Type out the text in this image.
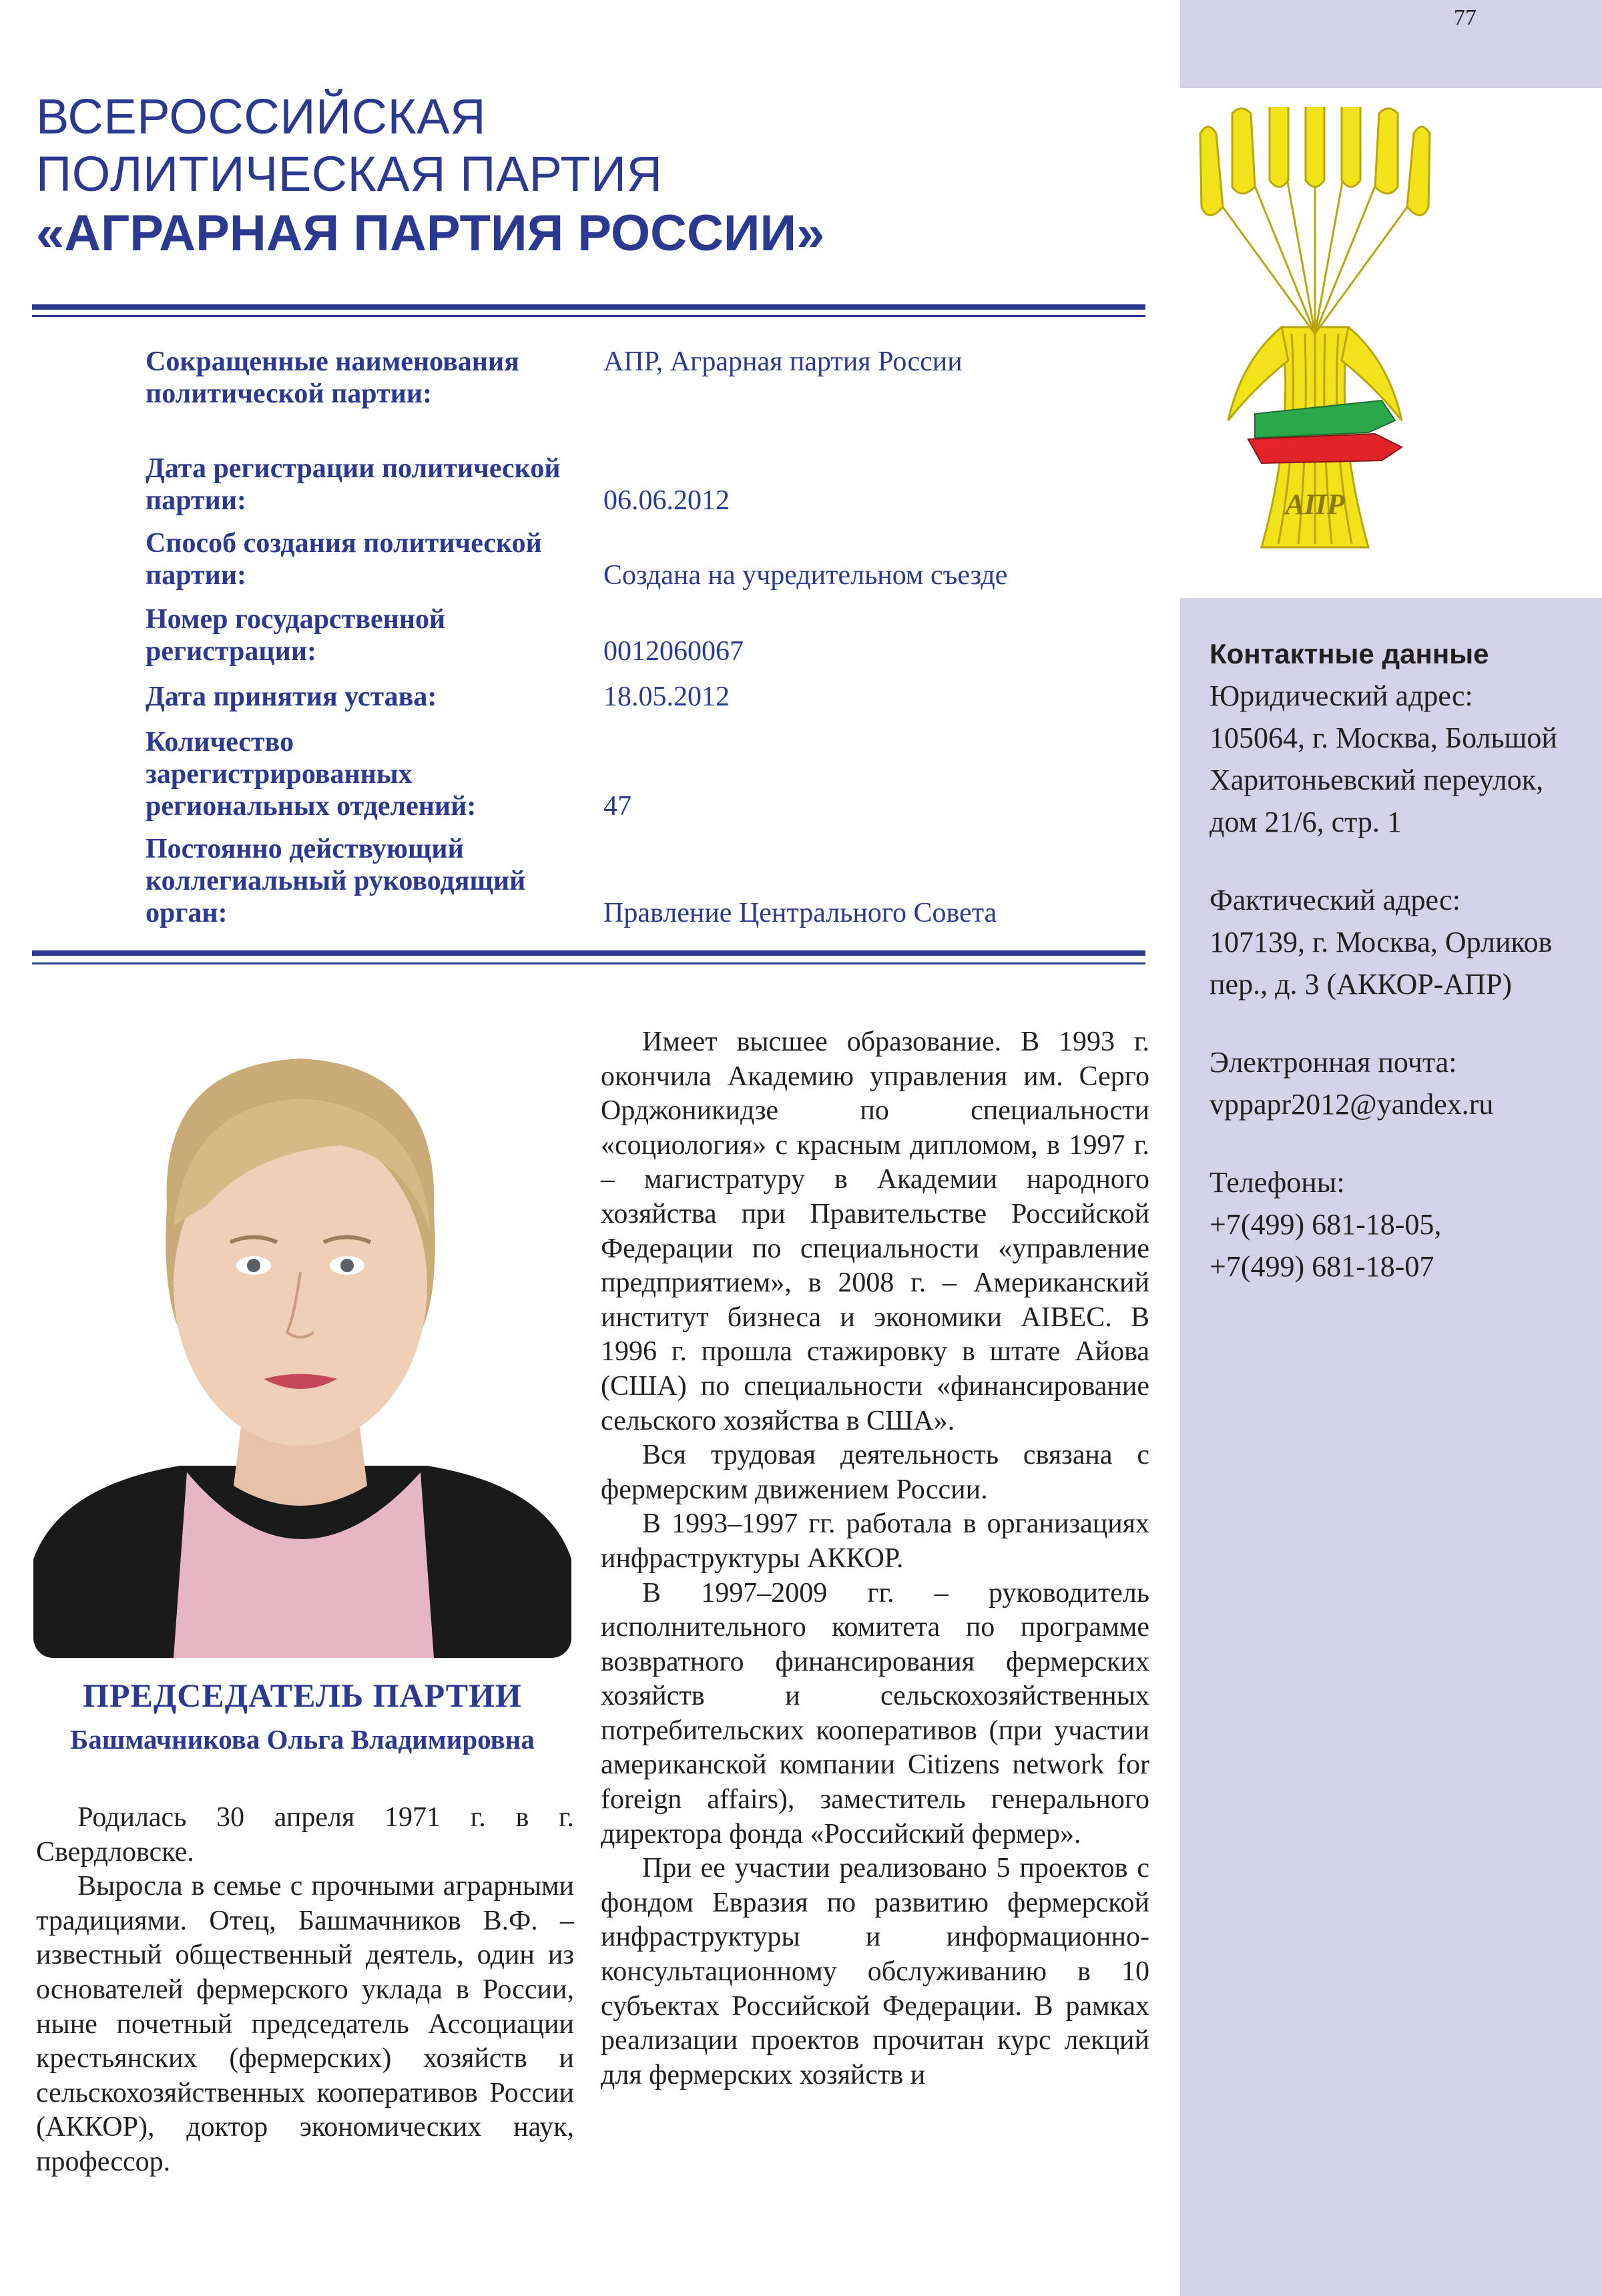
77
АПР
ВСЕРОССИЙСКАЯ
ПОЛИТИЧЕСКАЯ ПАРТИЯ
«АГРАРНАЯ ПАРТИЯ РОССИИ»
Сокращенные наименования политической партии:
АПР, Аграрная партия России
Дата регистрации политической партии:	06.06.2012
Способ создания политической партии:	Создана на учредительном съезде
Номер государственной регистрации:	0012060067
Дата принятия устава:	18.05.2012
Количество зарегистрированных региональных отделений:	47
Постоянно действующий коллегиальный руководящий орган:	Правление Центрального Совета
Контактные данные
Юридический адрес:
105064, г. Москва, Большой Харитоньевский переулок, дом 21/6, стр. 1
Фактический адрес:
107139, г. Москва, Орликов пер., д. 3 (АККОР-АПР)
Электронная почта:
vppapr2012@yandex.ru
Телефоны:
+7(499) 681-18-05,
+7(499) 681-18-07
ПРЕДСЕДАТЕЛЬ ПАРТИИ
Башмачникова Ольга Владимировна

Родилась 30 апреля 1971 г. в г. Свердловске.

Выросла в семье с прочными аграрными традициями. Отец, Башмачников В.Ф. – известный общественный деятель, один из основателей фермерского уклада в России, ныне почетный председатель Ассоциации крестьянских (фермерских) хозяйств и сельскохозяйственных кооперативов России (АККОР), доктор экономических наук, профессор.

Имеет высшее образование. В 1993 г. окончила Академию управления им. Серго Орджоникидзе по специальности «социология» с красным дипломом, в 1997 г. – магистратуру в Академии народного хозяйства при Правительстве Российской Федерации по специальности «управление предприятием», в 2008 г. – Американский институт бизнеса и экономики AIBEC. В 1996 г. прошла стажировку в штате Айова (США) по специальности «финансирование сельского хозяйства в США».

Вся трудовая деятельность связана с фермерским движением России.

В 1993–1997 гг. работала в организациях инфраструктуры АККОР.

В 1997–2009 гг. – руководитель исполнительного комитета по программе возвратного финансирования фермерских хозяйств и сельскохозяйственных потребительских кооперативов (при участии американской компании Citizens network for foreign affairs), заместитель генерального директора фонда «Российский фермер».

При ее участии реализовано 5 проектов с фондом Евразия по развитию фермерской инфраструктуры и информационно-консультационному обслуживанию в 10 субъектах Российской Федерации. В рамках реализации проектов прочитан курс лекций для фермерских хозяйств и
